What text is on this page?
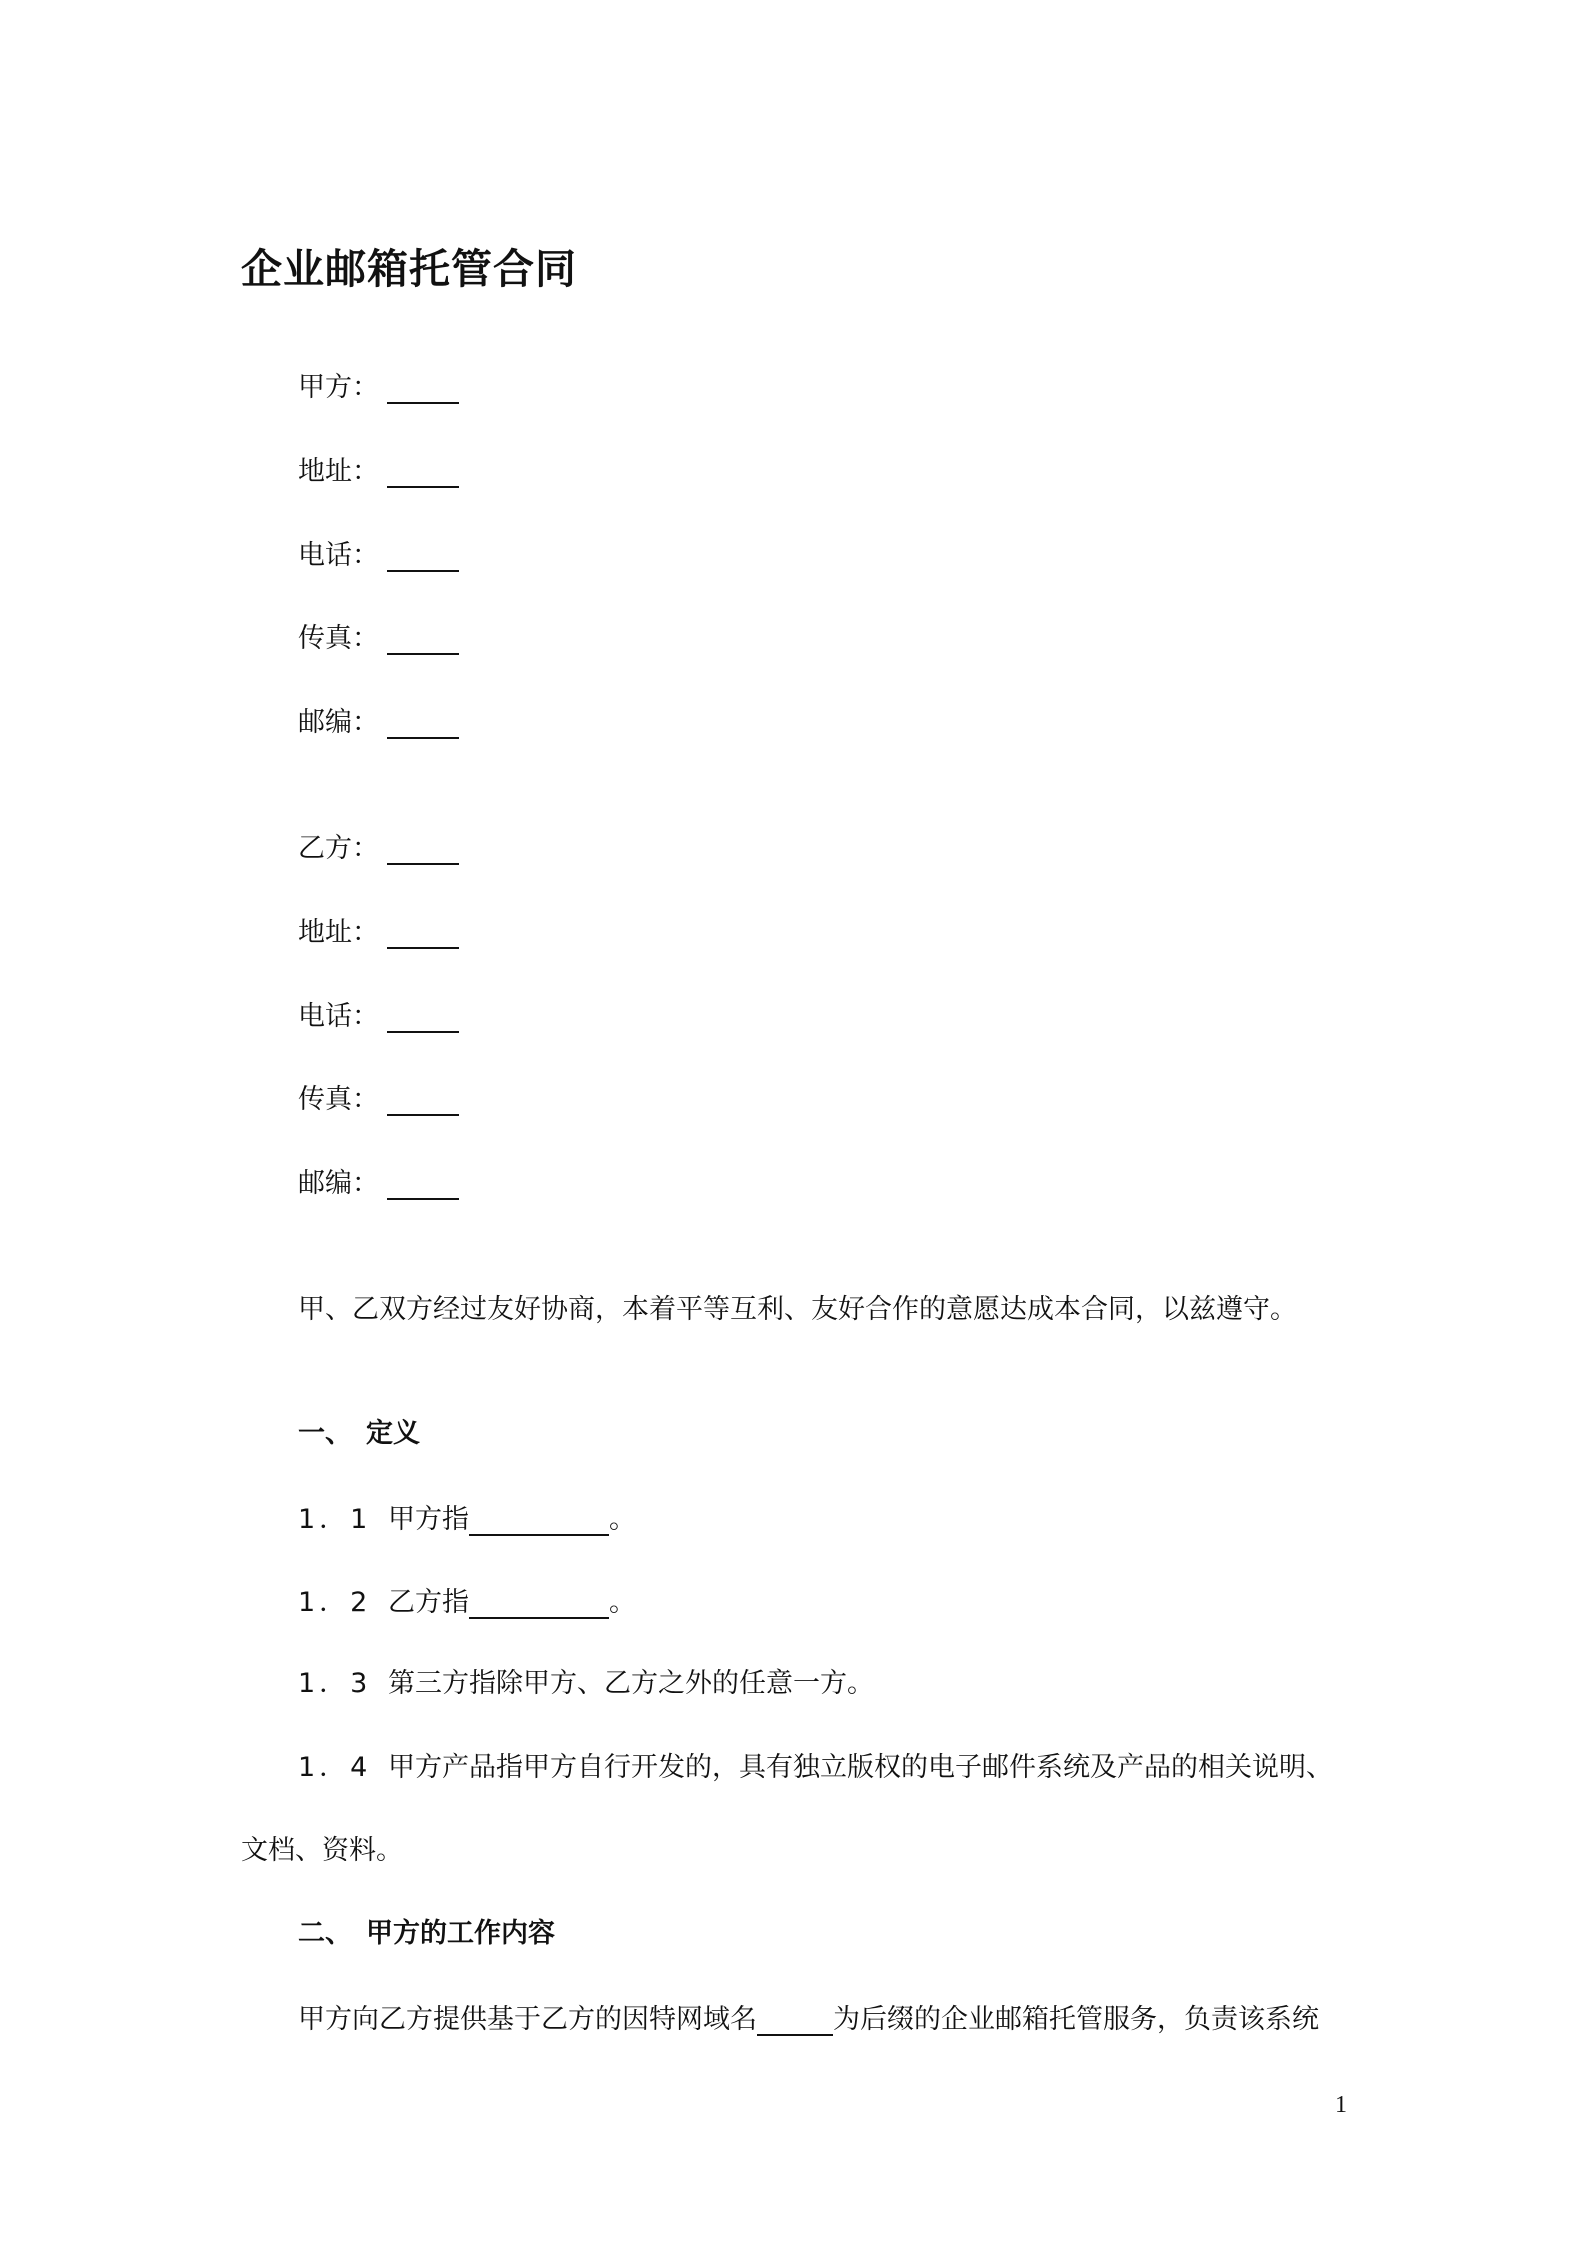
企业邮箱托管合同
甲方：
地址：
电话：
传真：
邮编：
乙方：
地址：
电话：
传真：
邮编：
甲、乙双方经过友好协商，本着平等互利、友好合作的意愿达成本合同，以兹遵守。
一、 定义
1．1 甲方指	。
1．2 乙方指	。
1．3 第三方指除甲方、乙方之外的任意一方。
1．4 甲方产品指甲方自行开发的，具有独立版权的电子邮件系统及产品的相关说明、
文档、资料。
二、 甲方的工作内容
甲方向乙方提供基于乙方的因特网域名	为后缀的企业邮箱托管服务，负责该系统
1
